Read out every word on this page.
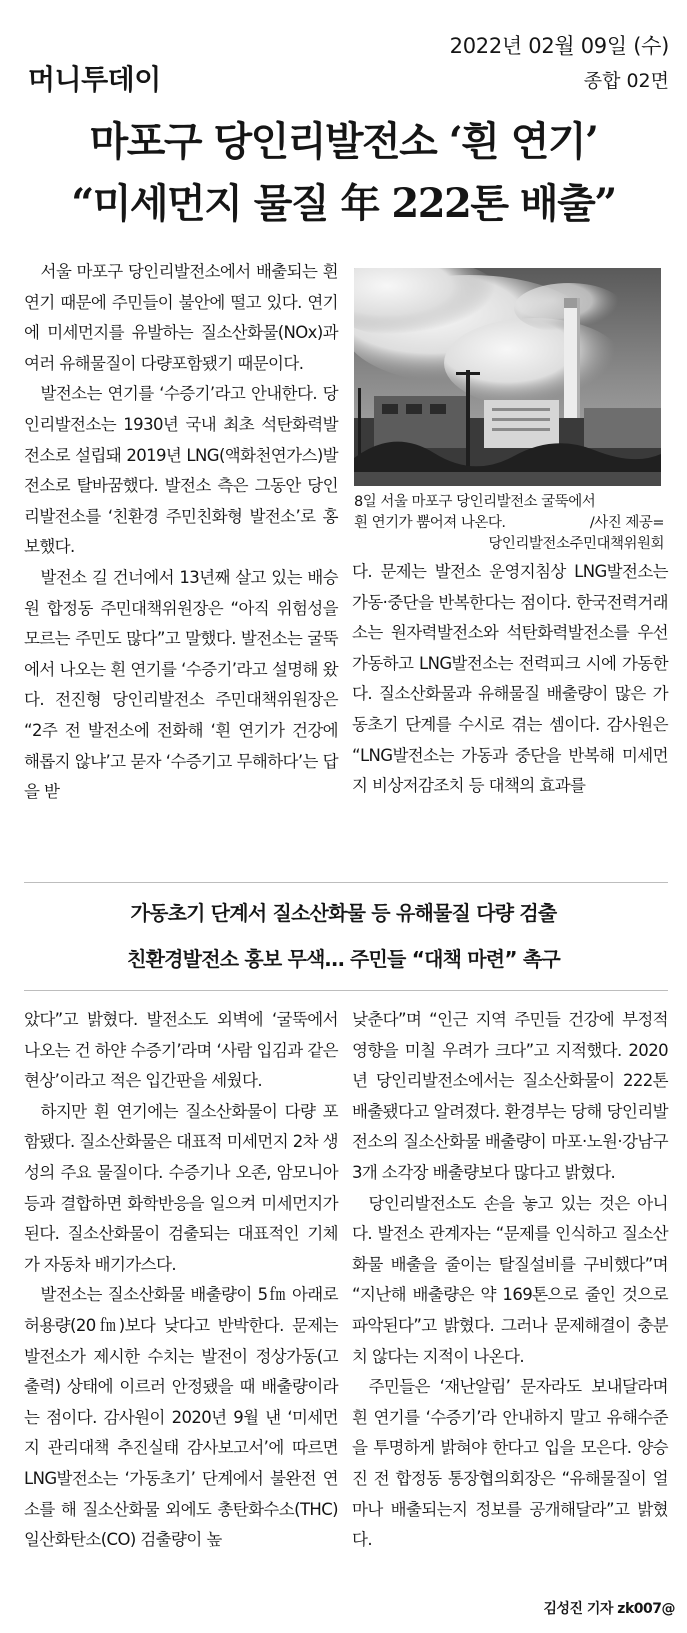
2022년 02월 09일 (수)
종합 02면
머니투데이
마포구 당인리발전소 ‘흰 연기’
“미세먼지 물질 年 222톤 배출”

서울 마포구 당인리발전소에서 배출되는 흰 연기 때문에 주민들이 불안에 떨고 있다. 연기에 미세먼지를 유발하는 질소산화물(NOx)과 여러 유해물질이 다량포함됐기 때문이다.

발전소는 연기를 ‘수증기’라고 안내한다. 당인리발전소는 1930년 국내 최초 석탄화력발전소로 설립돼 2019년 LNG(액화천연가스)발전소로 탈바꿈했다. 발전소 측은 그동안 당인리발전소를 ‘친환경 주민친화형 발전소’로 홍보했다.

발전소 길 건너에서 13년째 살고 있는 배승원 합정동 주민대책위원장은 “아직 위험성을 모르는 주민도 많다”고 말했다. 발전소는 굴뚝에서 나오는 흰 연기를 ‘수증기’라고 설명해 왔다. 전진형 당인리발전소 주민대책위원장은 “2주 전 발전소에 전화해 ‘흰 연기가 건강에 해롭지 않냐’고 묻자 ‘수증기고 무해하다’는 답을 받

8일 서울 마포구 당인리발전소 굴뚝에서
흰 연기가 뿜어져 나온다.	/사진 제공=
당인리발전소주민대책위원회

다. 문제는 발전소 운영지침상 LNG발전소는 가동·중단을 반복한다는 점이다. 한국전력거래소는 원자력발전소와 석탄화력발전소를 우선 가동하고 LNG발전소는 전력피크 시에 가동한다. 질소산화물과 유해물질 배출량이 많은 가동초기 단계를 수시로 겪는 셈이다. 감사원은 “LNG발전소는 가동과 중단을 반복해 미세먼지 비상저감조치 등 대책의 효과를

가동초기 단계서 질소산화물 등 유해물질 다량 검출
친환경발전소 홍보 무색… 주민들 “대책 마련” 촉구

았다”고 밝혔다. 발전소도 외벽에 ‘굴뚝에서 나오는 건 하얀 수증기’라며 ‘사람 입김과 같은 현상’이라고 적은 입간판을 세웠다.

하지만 흰 연기에는 질소산화물이 다량 포함됐다. 질소산화물은 대표적 미세먼지 2차 생성의 주요 물질이다. 수증기나 오존, 암모니아 등과 결합하면 화학반응을 일으켜 미세먼지가 된다. 질소산화물이 검출되는 대표적인 기체가 자동차 배기가스다.

발전소는 질소산화물 배출량이 5㎙ 아래로 허용량(20㎙)보다 낮다고 반박한다. 문제는 발전소가 제시한 수치는 발전이 정상가동(고출력) 상태에 이르러 안정됐을 때 배출량이라는 점이다. 감사원이 2020년 9월 낸 ‘미세먼지 관리대책 추진실태 감사보고서’에 따르면 LNG발전소는 ‘가동초기’ 단계에서 불완전 연소를 해 질소산화물 외에도 총탄화수소(THC) 일산화탄소(CO) 검출량이 높

낮춘다”며 “인근 지역 주민들 건강에 부정적 영향을 미칠 우려가 크다”고 지적했다. 2020년 당인리발전소에서는 질소산화물이 222톤 배출됐다고 알려졌다. 환경부는 당해 당인리발전소의 질소산화물 배출량이 마포·노원·강남구 3개 소각장 배출량보다 많다고 밝혔다.

당인리발전소도 손을 놓고 있는 것은 아니다. 발전소 관계자는 “문제를 인식하고 질소산화물 배출을 줄이는 탈질설비를 구비했다”며 “지난해 배출량은 약 169톤으로 줄인 것으로 파악된다”고 밝혔다. 그러나 문제해결이 충분치 않다는 지적이 나온다.

주민들은 ‘재난알림’ 문자라도 보내달라며 흰 연기를 ‘수증기’라 안내하지 말고 유해수준을 투명하게 밝혀야 한다고 입을 모은다. 양승진 전 합정동 통장협의회장은 “유해물질이 얼마나 배출되는지 정보를 공개해달라”고 밝혔다.

김성진 기자 zk007@
